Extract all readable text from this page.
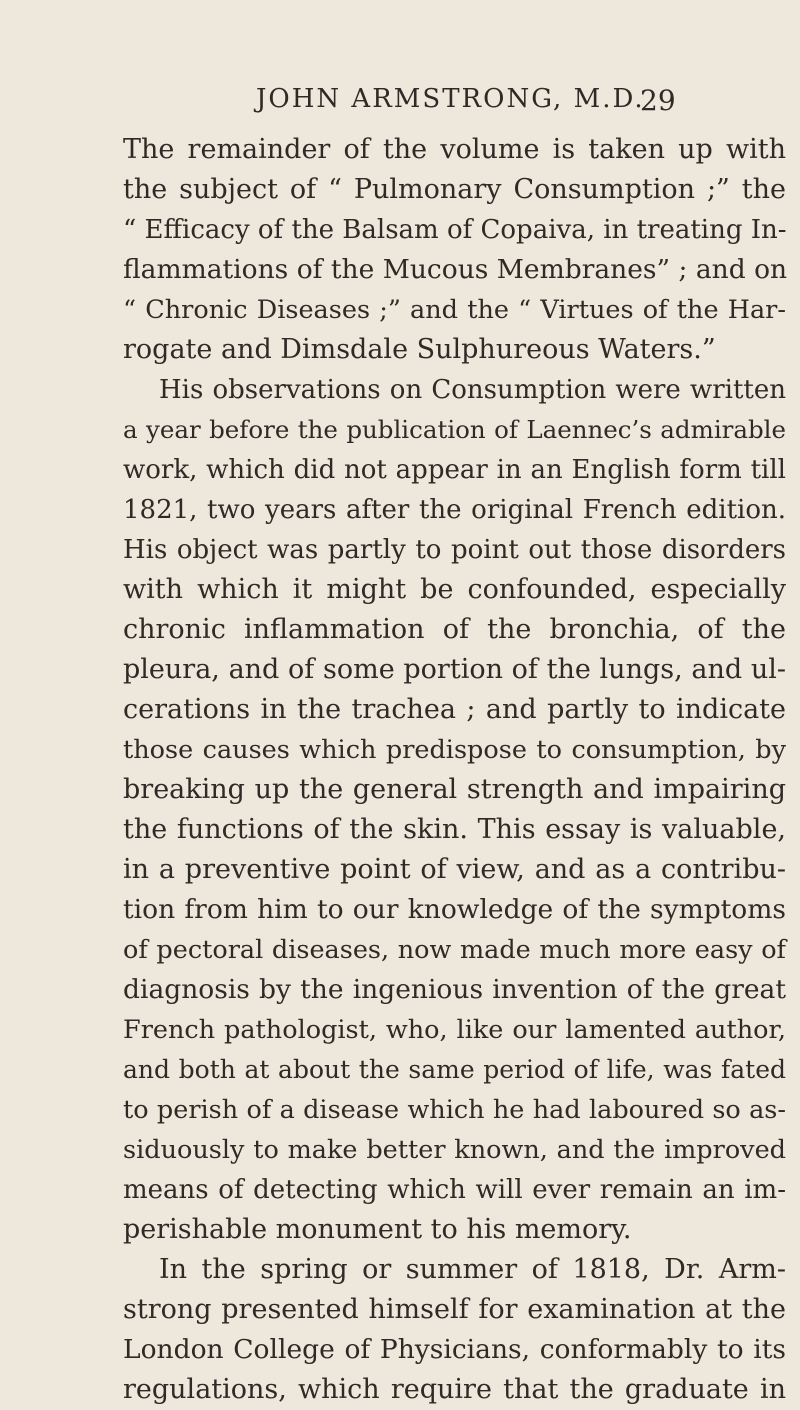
JOHN ARMSTRONG, M.D.
29
The remainder of the volume is taken up with
the subject of “ Pulmonary Consumption ;” the
“ Efficacy of the Balsam of Copaiva, in treating In-
flammations of the Mucous Membranes” ; and on
“ Chronic Diseases ;” and the “ Virtues of the Har-
rogate and Dimsdale Sulphureous Waters.”
His observations on Consumption were written
a year before the publication of Laennec’s admirable
work, which did not appear in an English form till
1821, two years after the original French edition.
His object was partly to point out those disorders
with which it might be confounded, especially
chronic inflammation of the bronchia, of the
pleura, and of some portion of the lungs, and ul-
cerations in the trachea ; and partly to indicate
those causes which predispose to consumption, by
breaking up the general strength and impairing
the functions of the skin. This essay is valuable,
in a preventive point of view, and as a contribu-
tion from him to our knowledge of the symptoms
of pectoral diseases, now made much more easy of
diagnosis by the ingenious invention of the great
French pathologist, who, like our lamented author,
and both at about the same period of life, was fated
to perish of a disease which he had laboured so as-
siduously to make better known, and the improved
means of detecting which will ever remain an im-
perishable monument to his memory.
In the spring or summer of 1818, Dr. Arm-
strong presented himself for examination at the
London College of Physicians, conformably to its
regulations, which require that the graduate in
